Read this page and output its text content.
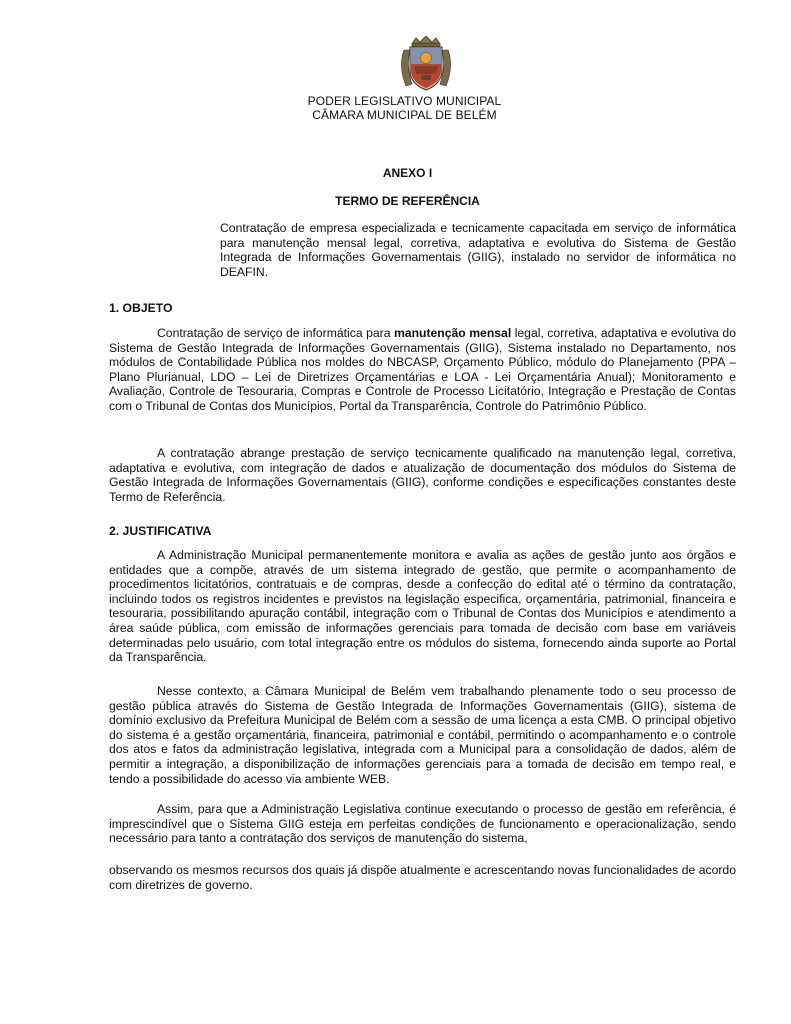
PODER LEGISLATIVO MUNICIPAL
CÂMARA MUNICIPAL DE BELÉM
ANEXO I
TERMO DE REFERÊNCIA

Contratação de empresa especializada e tecnicamente capacitada em serviço de informática para manutenção mensal legal, corretiva, adaptativa e evolutiva do Sistema de Gestão Integrada de Informações Governamentais (GIIG), instalado no servidor de informática no DEAFIN.

1. OBJETO

Contratação de serviço de informática para manutenção mensal legal, corretiva, adaptativa e evolutiva do Sistema de Gestão Integrada de Informações Governamentais (GIIG), Sistema instalado no Departamento, nos módulos de Contabilidade Pública nos moldes do NBCASP, Orçamento Público, módulo do Planejamento (PPA – Plano Plurianual, LDO – Lei de Diretrizes Orçamentárias e LOA - Lei Orçamentária Anual); Monitoramento e Avaliação, Controle de Tesouraria, Compras e Controle de Processo Licitatório, Integração e Prestação de Contas com o Tribunal de Contas dos Municípios, Portal da Transparência, Controle do Patrimônio Público.

A contratação abrange prestação de serviço tecnicamente qualificado na manutenção legal, corretiva, adaptativa e evolutiva, com integração de dados e atualização de documentação dos módulos do Sistema de Gestão Integrada de Informações Governamentais (GIIG), conforme condições e especificações constantes deste Termo de Referência.

2. JUSTIFICATIVA

A Administração Municipal permanentemente monitora e avalia as ações de gestão junto aos órgãos e entidades que a compõe, através de um sistema integrado de gestão, que permite o acompanhamento de procedimentos licitatórios, contratuais e de compras, desde a confecção do edital até o término da contratação, incluindo todos os registros incidentes e previstos na legislação especifica, orçamentária, patrimonial, financeira e tesouraria, possibilitando apuração contábil, integração com o Tribunal de Contas dos Municípios e atendimento a área saúde pública, com emissão de informações gerenciais para tomada de decisão com base em variáveis determinadas pelo usuário, com total integração entre os módulos do sistema, fornecendo ainda suporte ao Portal da Transparência.

Nesse contexto, a Câmara Municipal de Belém vem trabalhando plenamente todo o seu processo de gestão pública através do Sistema de Gestão Integrada de Informações Governamentais (GIIG), sistema de domínio exclusivo da Prefeitura Municipal de Belém com a sessão de uma licença a esta CMB. O principal objetivo do sistema é a gestão orçamentária, financeira, patrimonial e contábil, permitindo o acompanhamento e o controle dos atos e fatos da administração legislativa, integrada com a Municipal para a consolidação de dados, além de permitir a integração, a disponibilização de informações gerenciais para a tomada de decisão em tempo real, e tendo a possibilidade do acesso via ambiente WEB.

Assim, para que a Administração Legislativa continue executando o processo de gestão em referência, é imprescindível que o Sistema GIIG esteja em perfeitas condições de funcionamento e operacionalização, sendo necessário para tanto a contratação dos serviços de manutenção do sistema,

observando os mesmos recursos dos quais já dispõe atualmente e acrescentando novas funcionalidades de acordo com diretrizes de governo.
